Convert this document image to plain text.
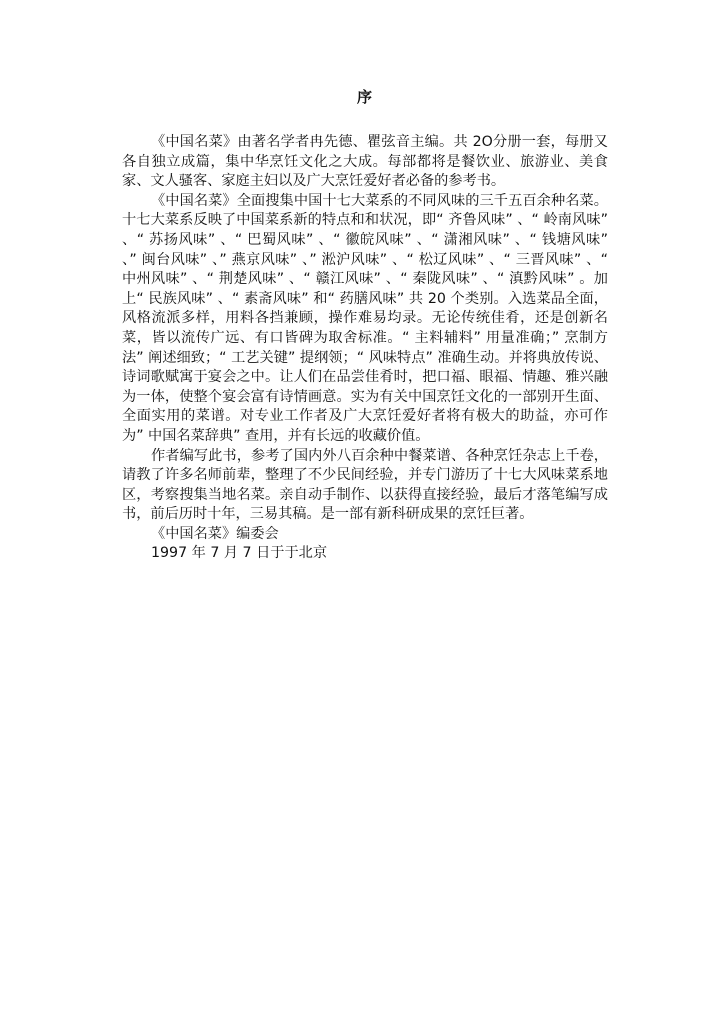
序

《中国名菜》由著名学者冉先德、瞿弦音主编。共 2O分册一套，每册又各自独立成篇，集中华烹饪文化之大成。每部都将是餐饮业、旅游业、美食家、文人骚客、家庭主妇以及广大烹饪爱好者必备的参考书。

《中国名菜》全面搜集中国十七大菜系的不同风味的三千五百余种名菜。十七大菜系反映了中国菜系新的特点和和状况，即“ 齐鲁风味” 、“ 岭南风味” 、“ 苏扬风味” 、“ 巴蜀风味” 、“ 徽皖风味” 、“ 潇湘风味” 、“ 钱塘风味” 、” 闽台风味” 、” 燕京风味” 、” 淞沪风味” 、“ 松辽风味” 、“ 三晋风味” 、“ 中州风味” 、“ 荆楚风味” 、“ 赣江风味” 、“ 秦陇风味” 、“ 滇黔风味” 。加上“ 民族风味” 、“ 素斋风味” 和“ 药膳风味” 共 20 个类别。入选菜品全面，风格流派多样，用料各挡兼顾，操作难易均录。无论传统佳肴，还是创新名菜，皆以流传广远、有口皆碑为取舍标准。“ 主料辅料” 用量准确；” 烹制方法” 阐述细致；“ 工艺关键” 提纲领；“ 风味特点” 准确生动。并将典放传说、诗词歌赋寓于宴会之中。让人们在品尝佳肴时，把口福、眼福、情趣、雅兴融为一体，使整个宴会富有诗情画意。实为有关中国烹饪文化的一部别开生面、全面实用的菜谱。对专业工作者及广大烹饪爱好者将有极大的助益，亦可作为” 中国名菜辞典” 查用，并有长远的收藏价值。

作者编写此书，参考了国内外八百余种中餐菜谱、各种烹饪杂志上千卷，请教了许多名师前辈，整理了不少民间经验，并专门游历了十七大风味菜系地区，考察搜集当地名菜。亲自动手制作、以获得直接经验，最后才落笔编写成书，前后历时十年，三易其稿。是一部有新科研成果的烹饪巨著。

《中国名菜》编委会

1997 年 7 月 7 日于于北京
